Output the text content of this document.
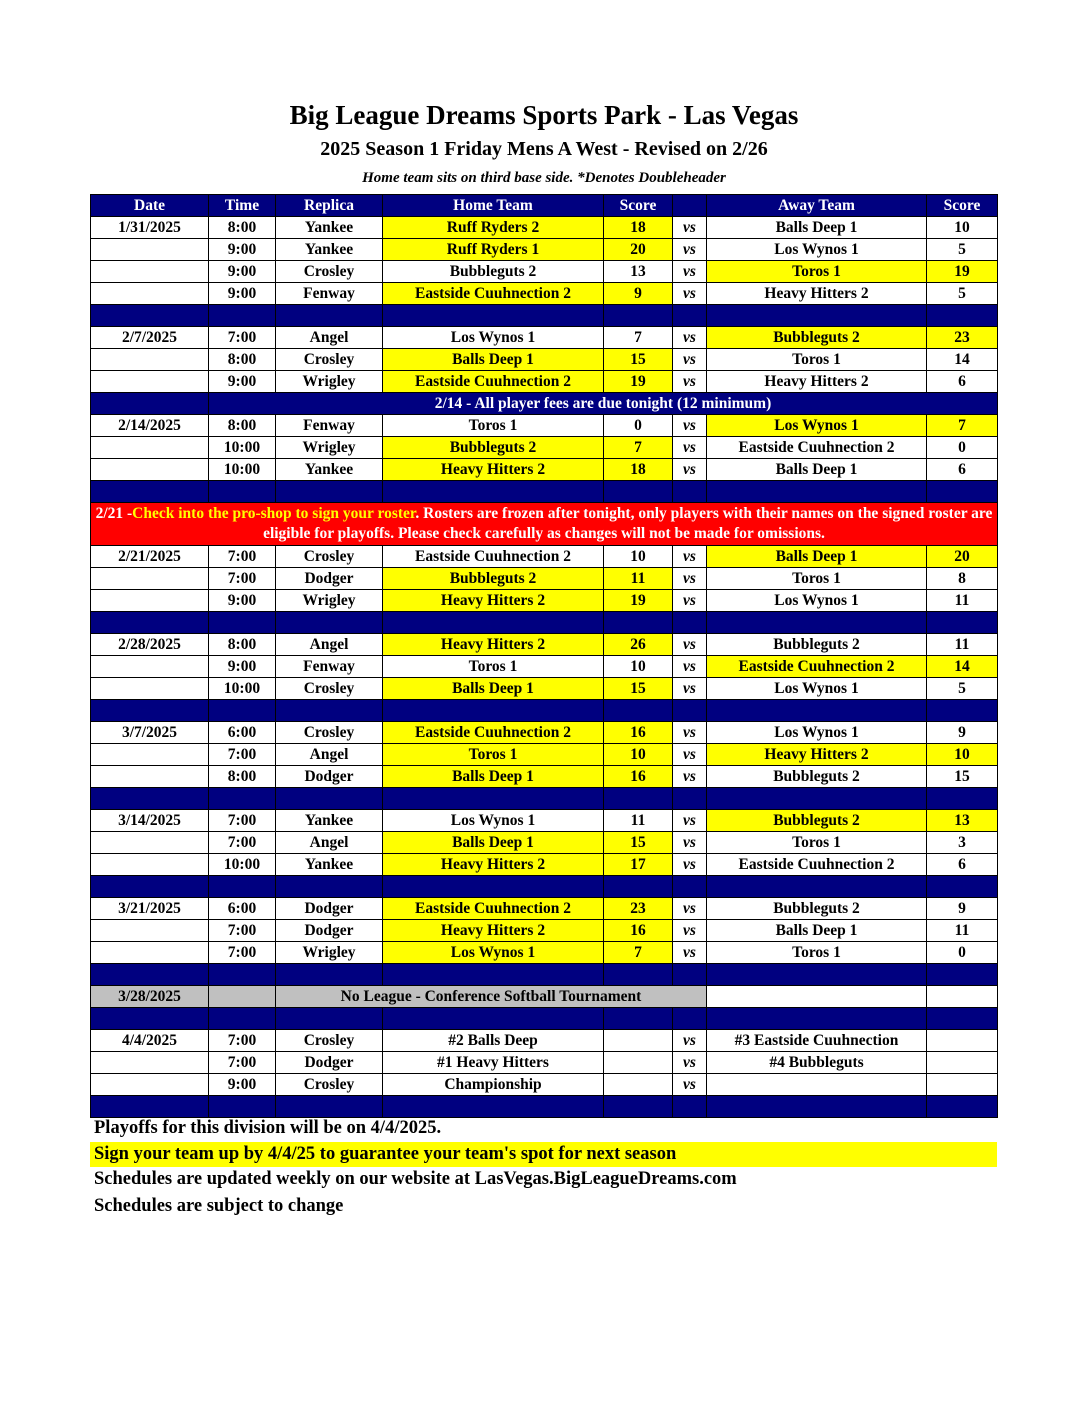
Big League Dreams Sports Park - Las Vegas
2025 Season 1 Friday Mens A West - Revised on 2/26
Home team sits on third base side. *Denotes Doubleheader
Date	Time	Replica	Home Team	Score		Away Team	Score
1/31/2025	8:00	Yankee	Ruff Ryders 2	18	vs	Balls Deep 1	10
	9:00	Yankee	Ruff Ryders 1	20	vs	Los Wynos 1	5
	9:00	Crosley	Bubbleguts 2	13	vs	Toros 1	19
	9:00	Fenway	Eastside Cuuhnection 2	9	vs	Heavy Hitters 2	5

2/7/2025	7:00	Angel	Los Wynos 1	7	vs	Bubbleguts 2	23
	8:00	Crosley	Balls Deep 1	15	vs	Toros 1	14
	9:00	Wrigley	Eastside Cuuhnection 2	19	vs	Heavy Hitters 2	6
	2/14 - All player fees are due tonight (12 minimum)						
2/14/2025	8:00	Fenway	Toros 1	0	vs	Los Wynos 1	7
	10:00	Wrigley	Bubbleguts 2	7	vs	Eastside Cuuhnection 2	0
	10:00	Yankee	Heavy Hitters 2	18	vs	Balls Deep 1	6

2/21 -Check into the pro-shop to sign your roster. Rosters are frozen after tonight, only players with their names on the signed roster are eligible for playoffs. Please check carefully as changes will not be made for omissions.							
2/21/2025	7:00	Crosley	Eastside Cuuhnection 2	10	vs	Balls Deep 1	20
	7:00	Dodger	Bubbleguts 2	11	vs	Toros 1	8
	9:00	Wrigley	Heavy Hitters 2	19	vs	Los Wynos 1	11

2/28/2025	8:00	Angel	Heavy Hitters 2	26	vs	Bubbleguts 2	11
	9:00	Fenway	Toros 1	10	vs	Eastside Cuuhnection 2	14
	10:00	Crosley	Balls Deep 1	15	vs	Los Wynos 1	5

3/7/2025	6:00	Crosley	Eastside Cuuhnection 2	16	vs	Los Wynos 1	9
	7:00	Angel	Toros 1	10	vs	Heavy Hitters 2	10
	8:00	Dodger	Balls Deep 1	16	vs	Bubbleguts 2	15

3/14/2025	7:00	Yankee	Los Wynos 1	11	vs	Bubbleguts 2	13
	7:00	Angel	Balls Deep 1	15	vs	Toros 1	3
	10:00	Yankee	Heavy Hitters 2	17	vs	Eastside Cuuhnection 2	6

3/21/2025	6:00	Dodger	Eastside Cuuhnection 2	23	vs	Bubbleguts 2	9
	7:00	Dodger	Heavy Hitters 2	16	vs	Balls Deep 1	11
	7:00	Wrigley	Los Wynos 1	7	vs	Toros 1	0

3/28/2025		No League - Conference Softball Tournament					

4/4/2025	7:00	Crosley	#2 Balls Deep		vs	#3 Eastside Cuuhnection	
	7:00	Dodger	#1 Heavy Hitters		vs	#4 Bubbleguts	
	9:00	Crosley	Championship		vs		

Playoffs for this division will be on 4/4/2025.
Sign your team up by 4/4/25 to guarantee your team's spot for next season
Schedules are updated weekly on our website at LasVegas.BigLeagueDreams.com
Schedules are subject to change
